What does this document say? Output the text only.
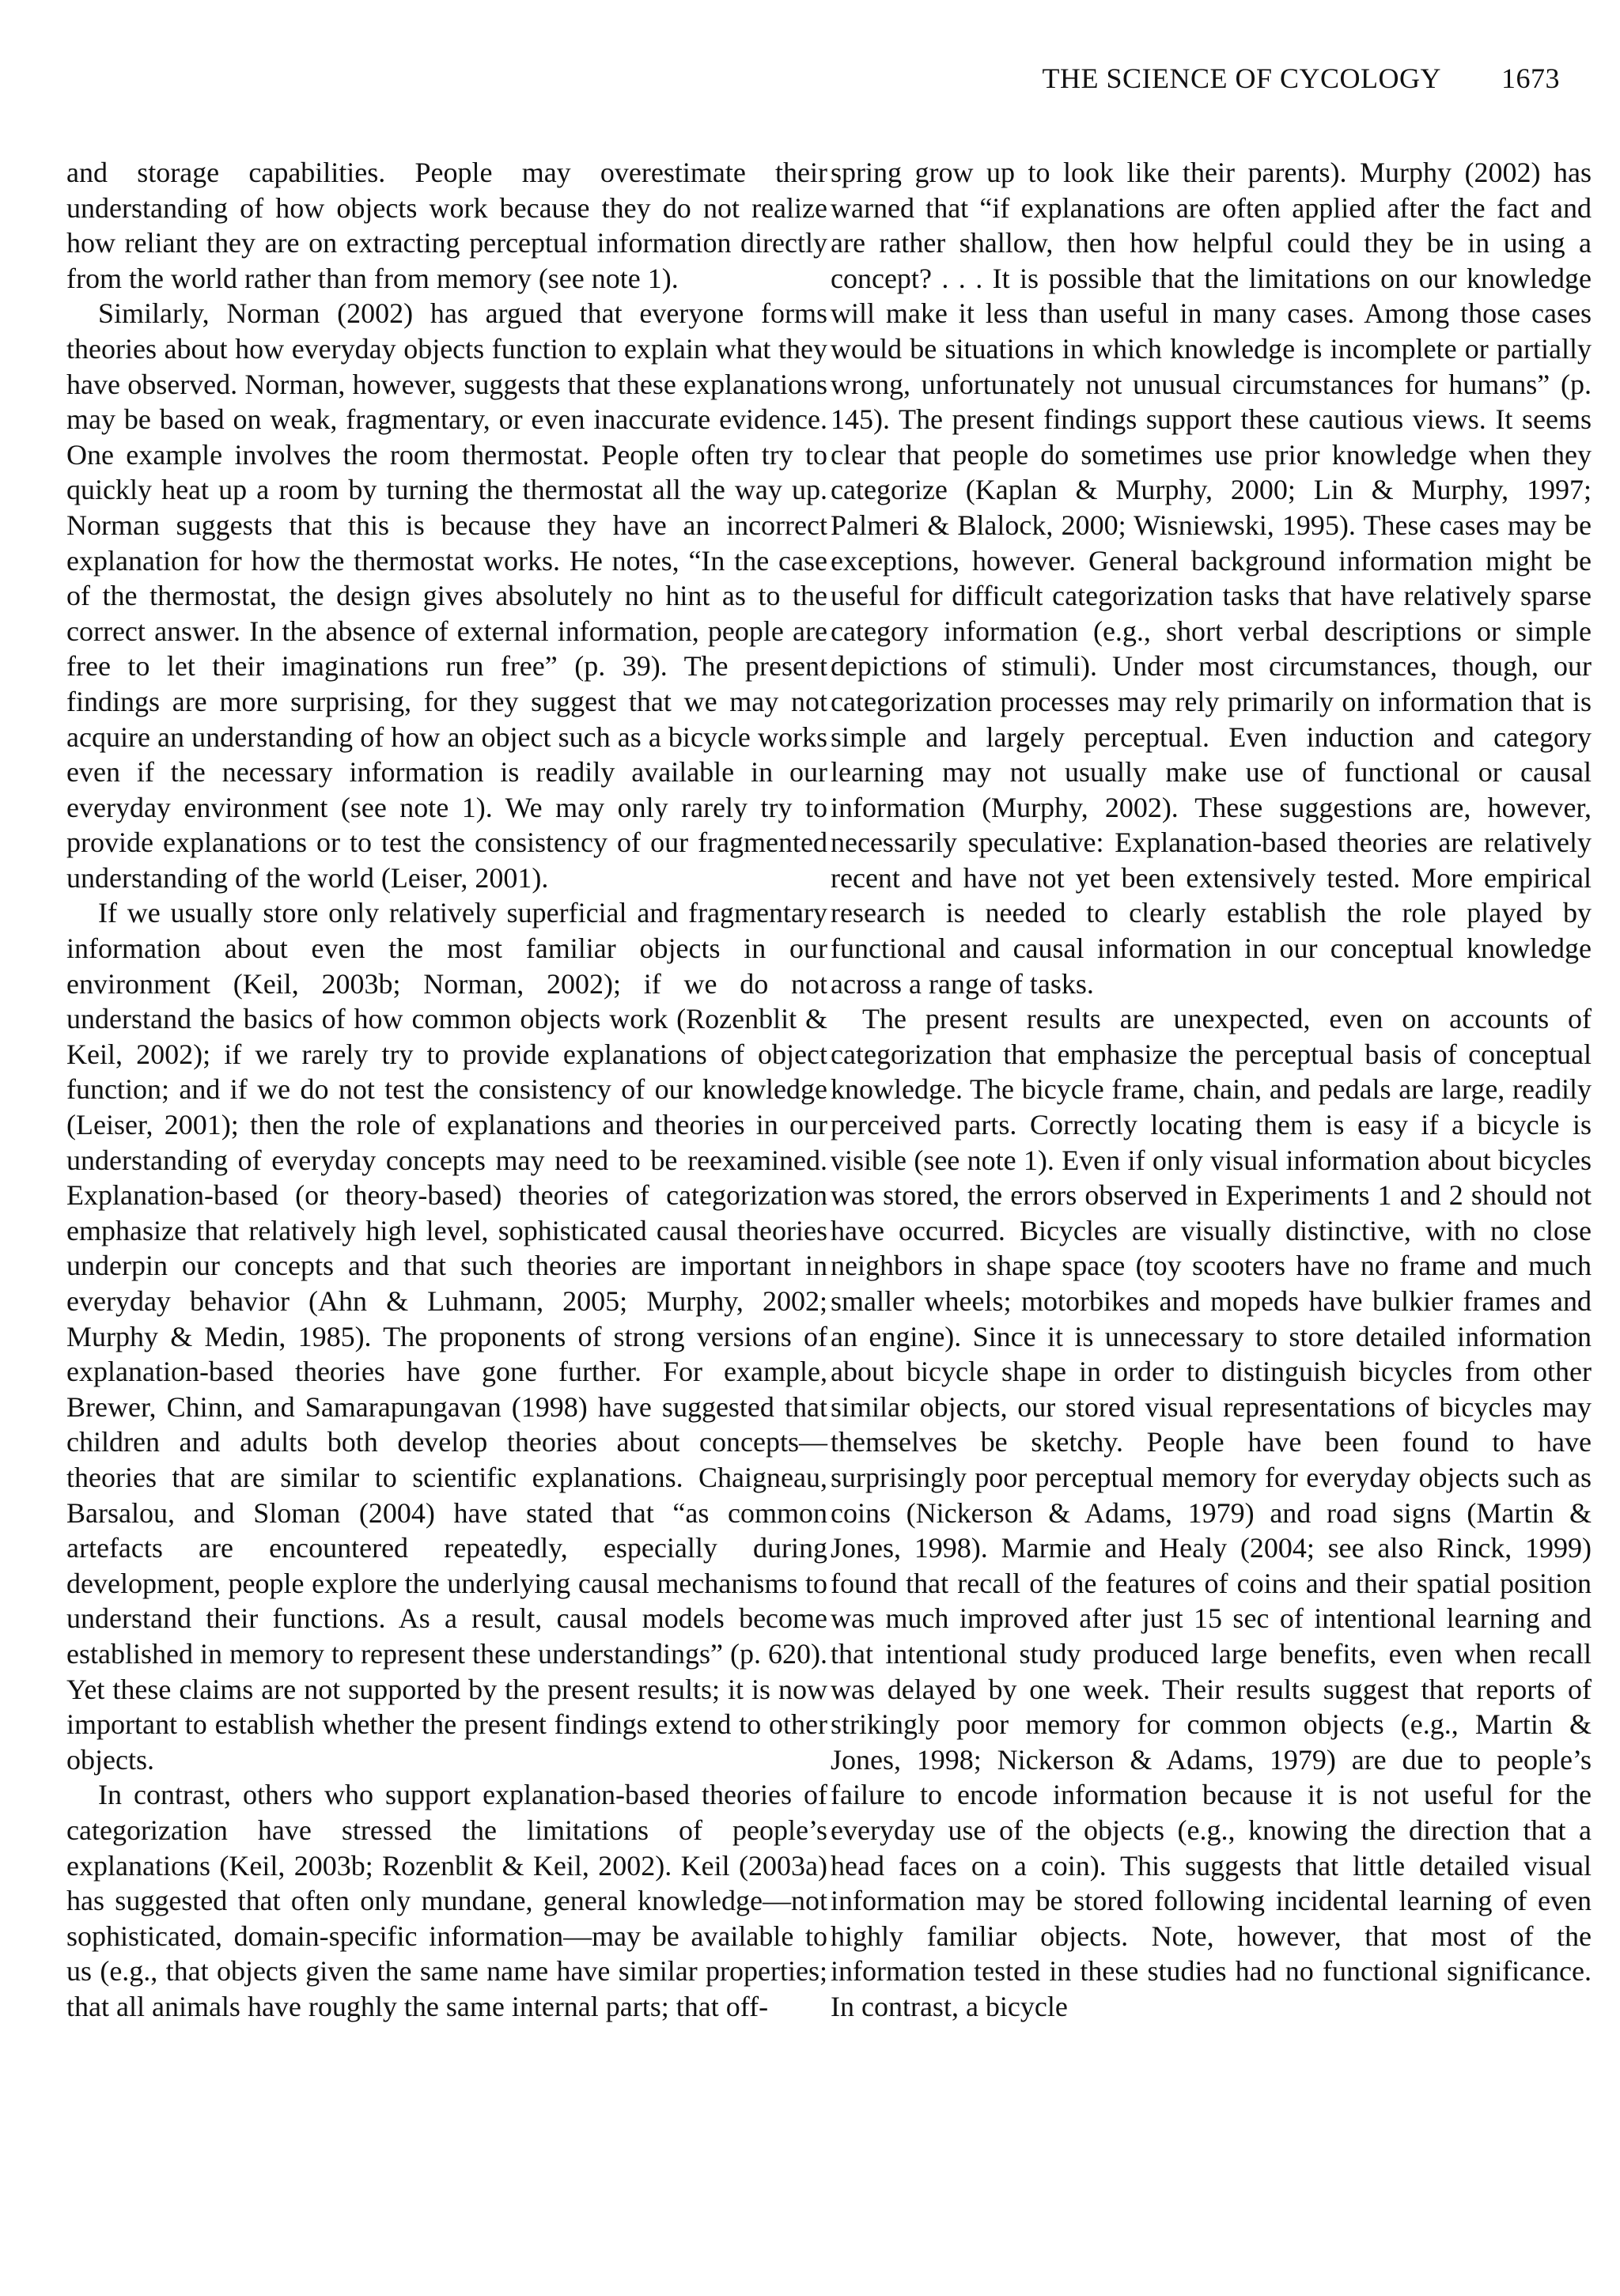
THE SCIENCE OF CYCOLOGY 1673

and storage capabilities. People may overestimate their understanding of how objects work because they do not realize how reliant they are on extracting perceptual information directly from the world rather than from memory (see note 1).

Similarly, Norman (2002) has argued that everyone forms theories about how everyday objects function to explain what they have observed. Norman, however, suggests that these explanations may be based on weak, fragmentary, or even inaccurate evidence. One example involves the room thermostat. People often try to quickly heat up a room by turning the thermostat all the way up. Norman suggests that this is because they have an incorrect explanation for how the thermostat works. He notes, “In the case of the thermostat, the design gives absolutely no hint as to the correct answer. In the absence of external information, people are free to let their imaginations run free” (p. 39). The present findings are more surprising, for they suggest that we may not acquire an understanding of how an object such as a bicycle works even if the necessary information is readily available in our everyday environment (see note 1). We may only rarely try to provide explanations or to test the consistency of our fragmented understanding of the world (Leiser, 2001).

If we usually store only relatively superficial and fragmentary information about even the most familiar objects in our environment (Keil, 2003b; Norman, 2002); if we do not understand the basics of how common objects work (Rozenblit & Keil, 2002); if we rarely try to provide explanations of object function; and if we do not test the consistency of our knowledge (Leiser, 2001); then the role of explanations and theories in our understanding of everyday concepts may need to be reexamined. Explanation-based (or theory-based) theories of categorization emphasize that relatively high level, sophisticated causal theories underpin our concepts and that such theories are important in everyday behavior (Ahn & Luhmann, 2005; Murphy, 2002; Murphy & Medin, 1985). The proponents of strong versions of explanation-based theories have gone further. For example, Brewer, Chinn, and Samarapungavan (1998) have suggested that children and adults both develop theories about concepts—theories that are similar to scientific explanations. Chaigneau, Barsalou, and Sloman (2004) have stated that “as common artefacts are encountered repeatedly, especially during development, people explore the underlying causal mechanisms to understand their functions. As a result, causal models become established in memory to represent these understandings” (p. 620). Yet these claims are not supported by the present results; it is now important to establish whether the present findings extend to other objects.

In contrast, others who support explanation-based theories of categorization have stressed the limitations of people’s explanations (Keil, 2003b; Rozenblit & Keil, 2002). Keil (2003a) has suggested that often only mundane, general knowledge—not sophisticated, domain-specific information—may be available to us (e.g., that objects given the same name have similar properties; that all animals have roughly the same internal parts; that off-

spring grow up to look like their parents). Murphy (2002) has warned that “if explanations are often applied after the fact and are rather shallow, then how helpful could they be in using a concept? . . . It is possible that the limitations on our knowledge will make it less than useful in many cases. Among those cases would be situations in which knowledge is incomplete or partially wrong, unfortunately not unusual circumstances for humans” (p. 145). The present findings support these cautious views. It seems clear that people do sometimes use prior knowledge when they categorize (Kaplan & Murphy, 2000; Lin & Murphy, 1997; Palmeri & Blalock, 2000; Wisniewski, 1995). These cases may be exceptions, however. General background information might be useful for difficult categorization tasks that have relatively sparse category information (e.g., short verbal descriptions or simple depictions of stimuli). Under most circumstances, though, our categorization processes may rely primarily on information that is simple and largely perceptual. Even induction and category learning may not usually make use of functional or causal information (Murphy, 2002). These suggestions are, however, necessarily speculative: Explanation-based theories are relatively recent and have not yet been extensively tested. More empirical research is needed to clearly establish the role played by functional and causal information in our conceptual knowledge across a range of tasks.

The present results are unexpected, even on accounts of categorization that emphasize the perceptual basis of conceptual knowledge. The bicycle frame, chain, and pedals are large, readily perceived parts. Correctly locating them is easy if a bicycle is visible (see note 1). Even if only visual information about bicycles was stored, the errors observed in Experiments 1 and 2 should not have occurred. Bicycles are visually distinctive, with no close neighbors in shape space (toy scooters have no frame and much smaller wheels; motorbikes and mopeds have bulkier frames and an engine). Since it is unnecessary to store detailed information about bicycle shape in order to distinguish bicycles from other similar objects, our stored visual representations of bicycles may themselves be sketchy. People have been found to have surprisingly poor perceptual memory for everyday objects such as coins (Nickerson & Adams, 1979) and road signs (Martin & Jones, 1998). Marmie and Healy (2004; see also Rinck, 1999) found that recall of the features of coins and their spatial position was much improved after just 15 sec of intentional learning and that intentional study produced large benefits, even when recall was delayed by one week. Their results suggest that reports of strikingly poor memory for common objects (e.g., Martin & Jones, 1998; Nickerson & Adams, 1979) are due to people’s failure to encode information because it is not useful for the everyday use of the objects (e.g., knowing the direction that a head faces on a coin). This suggests that little detailed visual information may be stored following incidental learning of even highly familiar objects. Note, however, that most of the information tested in these studies had no functional significance. In contrast, a bicycle
